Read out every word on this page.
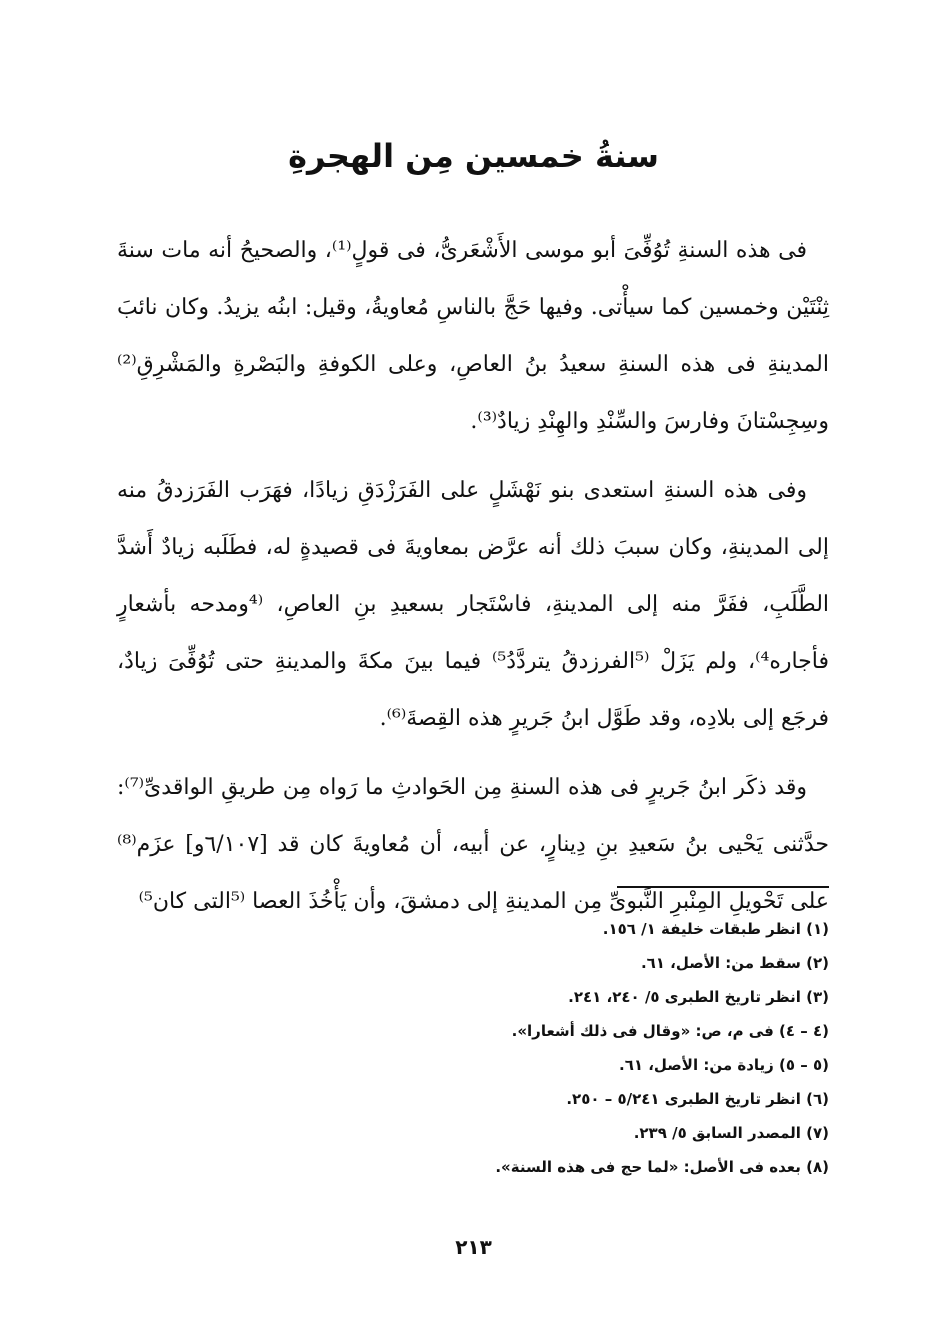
سنةُ خمسين مِن الهجرةِ

فى هذه السنةِ تُوُفِّىَ أبو موسى الأَشْعَرىُّ، فى قولٍ⁽¹⁾، والصحيحُ أنه مات سنةَ ثِنْتَيْن وخمسين كما سيأْتى. وفيها حَجَّ بالناسِ مُعاويةُ، وقيل: ابنُه يزيدُ. وكان نائبَ المدينةِ فى هذه السنةِ سعيدُ بنُ العاصِ، وعلى الكوفةِ والبَصْرةِ والمَشْرِقِ⁽²⁾ وسِجِسْتانَ وفارسَ والسِّنْدِ والهِنْدِ زيادٌ⁽³⁾.

وفى هذه السنةِ استعدى بنو نَهْشَلٍ على الفَرَزْدَقِ زيادًا، فهَرَب الفَرَزدقُ منه إلى المدينةِ، وكان سببَ ذلك أنه عرَّض بمعاويةَ فى قصيدةٍ له، فطَلَبه زيادٌ أَشدَّ الطَّلَبِ، ففَرَّ منه إلى المدينةِ، فاسْتَجار بسعيدِ بنِ العاصِ، ⁽⁴ومدحه بأشعارٍ فأجاره⁴⁾، ولم يَزَلْ ⁽⁵الفرزدقُ يتردَّدُ⁵⁾ فيما بينَ مكةَ والمدينةِ حتى تُوُفِّىَ زيادٌ، فرجَع إلى بلادِه، وقد طَوَّل ابنُ جَريرٍ هذه القِصةَ⁽⁶⁾.

وقد ذكَر ابنُ جَريرٍ فى هذه السنةِ مِن الحَوادثِ ما رَواه مِن طريقِ الواقدىِّ⁽⁷⁾: حدَّثنى يَحْيى بنُ سَعيدِ بنِ دِينارٍ، عن أبيه، أن مُعاويةَ كان قد [٦/١٠٧و] عزَم⁽⁸⁾ على تَحْويلِ المِنْبرِ النَّبوىِّ مِن المدينةِ إلى دمشقَ، وأن يَأْخُذَ العصا ⁽⁵التى كان⁵⁾

(١) انظر طبقات خليفة ١/ ١٥٦.
(٢) سقط من: الأصل، ٦١.
(٣) انظر تاريخ الطبرى ٥/ ٢٤٠، ٢٤١.
(٤ – ٤) فى م، ص: «وقال فى ذلك أشعارا».
(٥ – ٥) زيادة من: الأصل، ٦١.
(٦) انظر تاريخ الطبرى ٥/٢٤١ – ٢٥٠.
(٧) المصدر السابق ٥/ ٢٣٩.
(٨) بعده فى الأصل: «لما حج فى هذه السنة».
٢١٣
